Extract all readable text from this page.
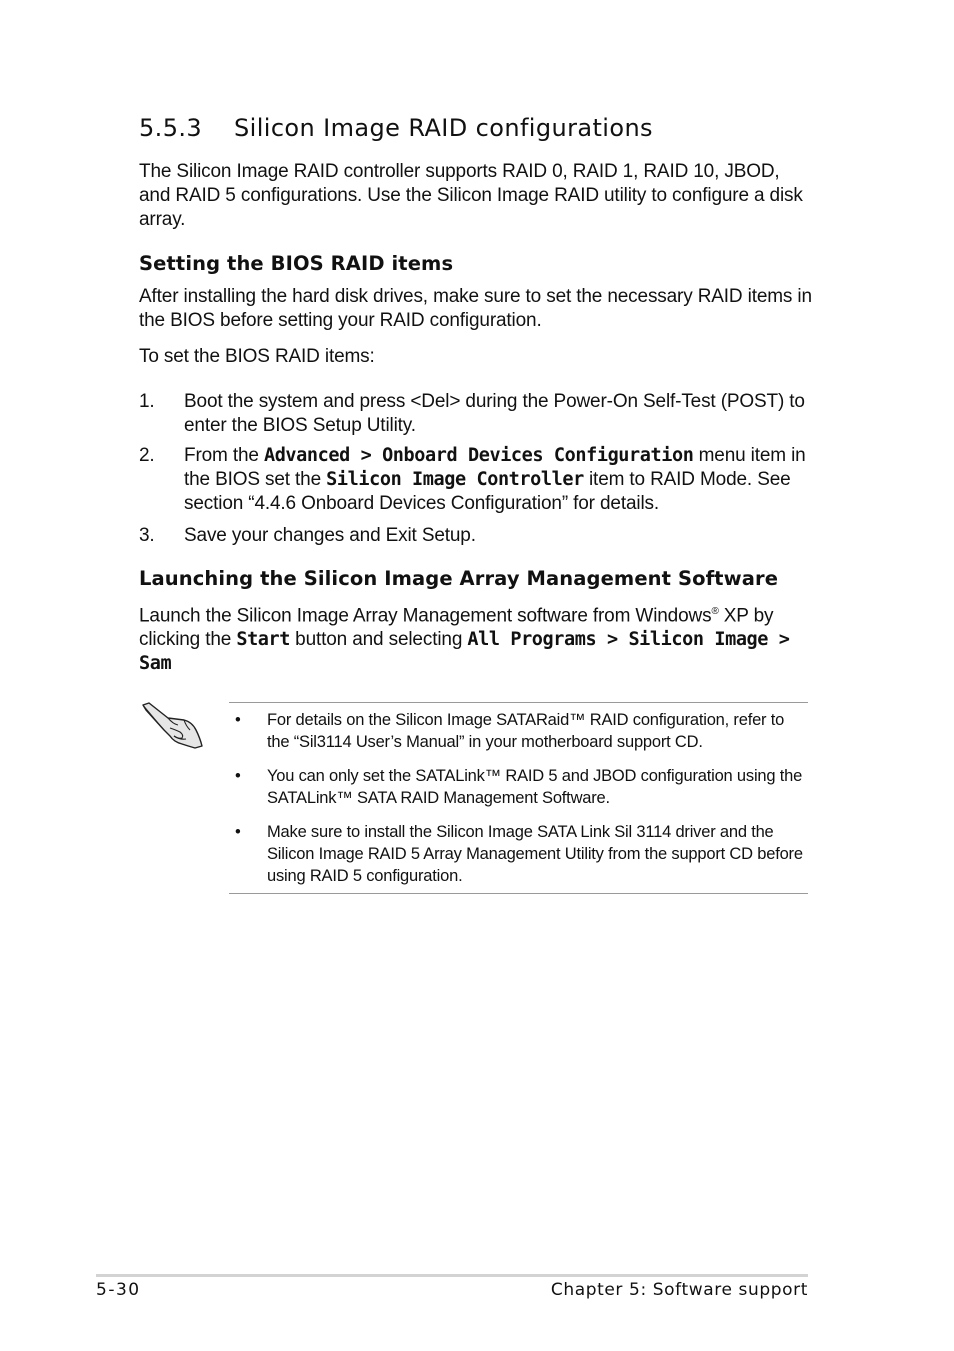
5.5.3 Silicon Image RAID configurations

The Silicon Image RAID controller supports RAID 0, RAID 1, RAID 10, JBOD, and RAID 5 configurations. Use the Silicon Image RAID utility to configure a disk array.

Setting the BIOS RAID items

After installing the hard disk drives, make sure to set the necessary RAID items in the BIOS before setting your RAID configuration.

To set the BIOS RAID items:

1. Boot the system and press <Del> during the Power-On Self-Test (POST) to enter the BIOS Setup Utility.
2. From the Advanced > Onboard Devices Configuration menu item in the BIOS set the Silicon Image Controller item to RAID Mode. See section “4.4.6 Onboard Devices Configuration” for details.
3. Save your changes and Exit Setup.
Launching the Silicon Image Array Management Software

Launch the Silicon Image Array Management software from Windows® XP by clicking the Start button and selecting All Programs > Silicon Image > Sam

• For details on the Silicon Image SATARaid™ RAID configuration, refer to the “Sil3114 User’s Manual” in your motherboard support CD.
• You can only set the SATALink™ RAID 5 and JBOD configuration using the SATALink™ SATA RAID Management Software.
• Make sure to install the Silicon Image SATA Link Sil 3114 driver and the Silicon Image RAID 5 Array Management Utility from the support CD before using RAID 5 configuration.
5-30	Chapter 5: Software support
